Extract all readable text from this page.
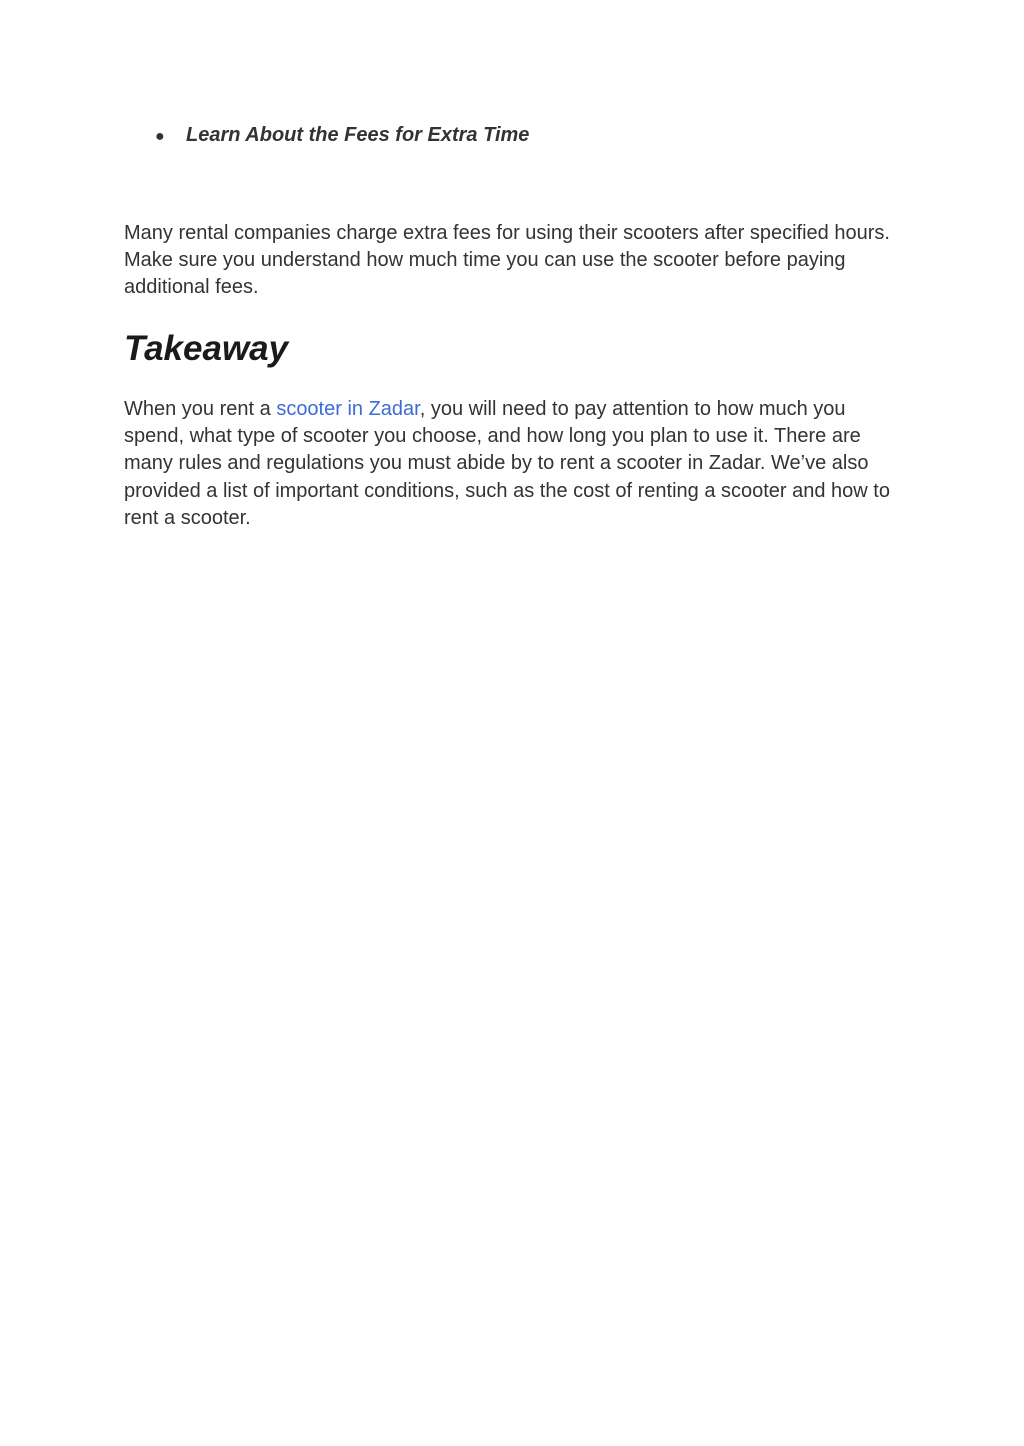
●	Learn About the Fees for Extra Time

Many rental companies charge extra fees for using their scooters after specified hours. Make sure you understand how much time you can use the scooter before paying additional fees.

Takeaway

When you rent a scooter in Zadar, you will need to pay attention to how much you spend, what type of scooter you choose, and how long you plan to use it. There are many rules and regulations you must abide by to rent a scooter in Zadar. We’ve also provided a list of important conditions, such as the cost of renting a scooter and how to rent a scooter.
